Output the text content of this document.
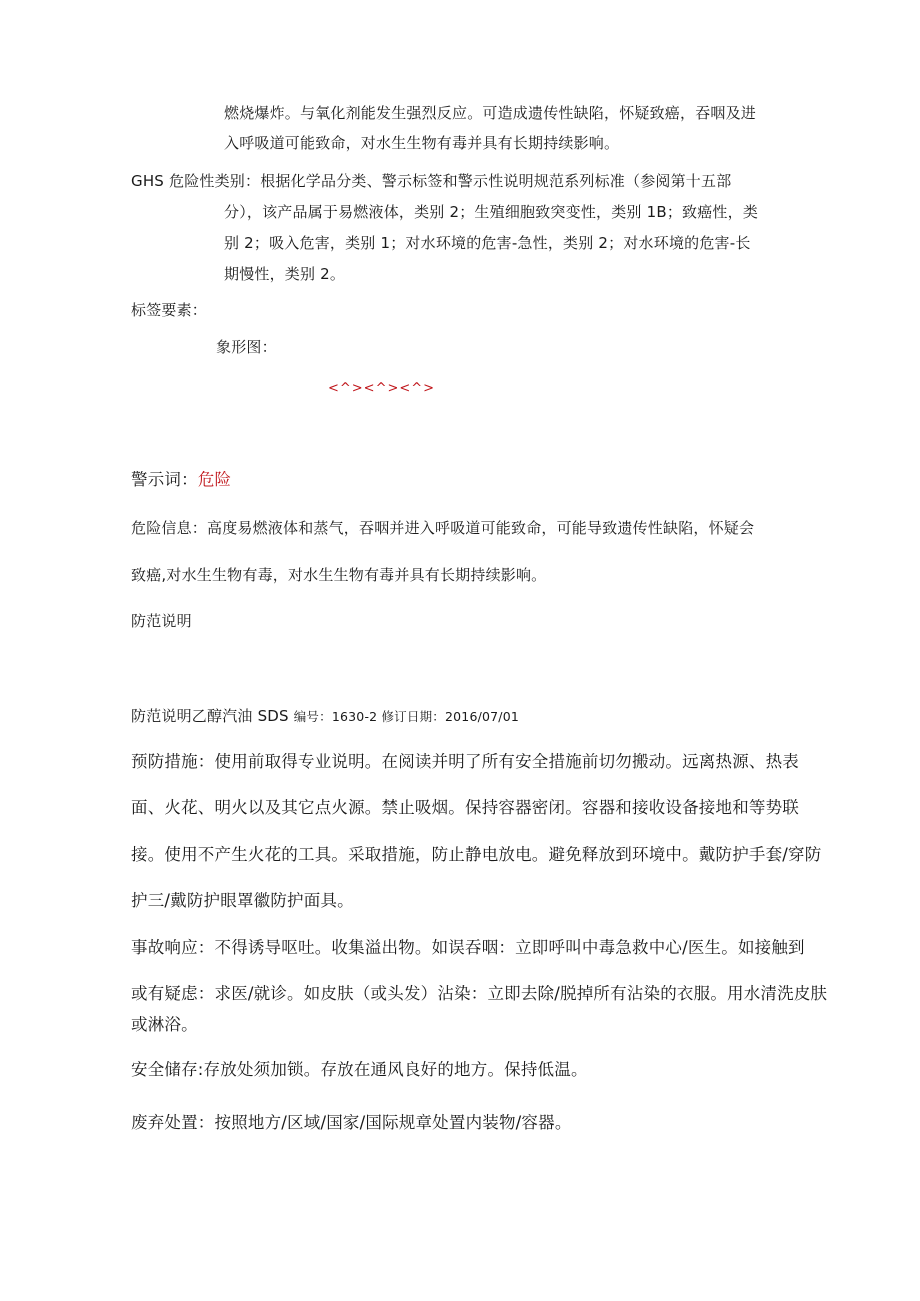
燃烧爆炸。与氧化剂能发生强烈反应。可造成遗传性缺陷，怀疑致癌，吞咽及进
入呼吸道可能致命，对水生生物有毒并具有长期持续影响。
GHS 危险性类别：根据化学品分类、警示标签和警示性说明规范系列标准（参阅第十五部
分），该产品属于易燃液体，类别 2；生殖细胞致突变性，类别 1B；致癌性，类
别 2；吸入危害，类别 1；对水环境的危害-急性，类别 2；对水环境的危害-长
期慢性，类别 2。
标签要素：
象形图：
<^><^><^>
警示词：危险
危险信息：高度易燃液体和蒸气，吞咽并进入呼吸道可能致命，可能导致遗传性缺陷，怀疑会
致癌,对水生生物有毒，对水生生物有毒并具有长期持续影响。
防范说明
防范说明乙醇汽油 SDS 编号：1630-2 修订日期：2016/07/01
预防措施：使用前取得专业说明。在阅读并明了所有安全措施前切勿搬动。远离热源、热表
面、火花、明火以及其它点火源。禁止吸烟。保持容器密闭。容器和接收设备接地和等势联
接。使用不产生火花的工具。采取措施，防止静电放电。避免释放到环境中。戴防护手套/穿防
护三/戴防护眼罩徽防护面具。
事故响应：不得诱导呕吐。收集溢出物。如误吞咽：立即呼叫中毒急救中心/医生。如接触到
或有疑虑：求医/就诊。如皮肤（或头发）沾染：立即去除/脱掉所有沾染的衣服。用水清洗皮肤
或淋浴。
安全储存:存放处须加锁。存放在通风良好的地方。保持低温。
废弃处置：按照地方/区域/国家/国际规章处置内装物/容器。
